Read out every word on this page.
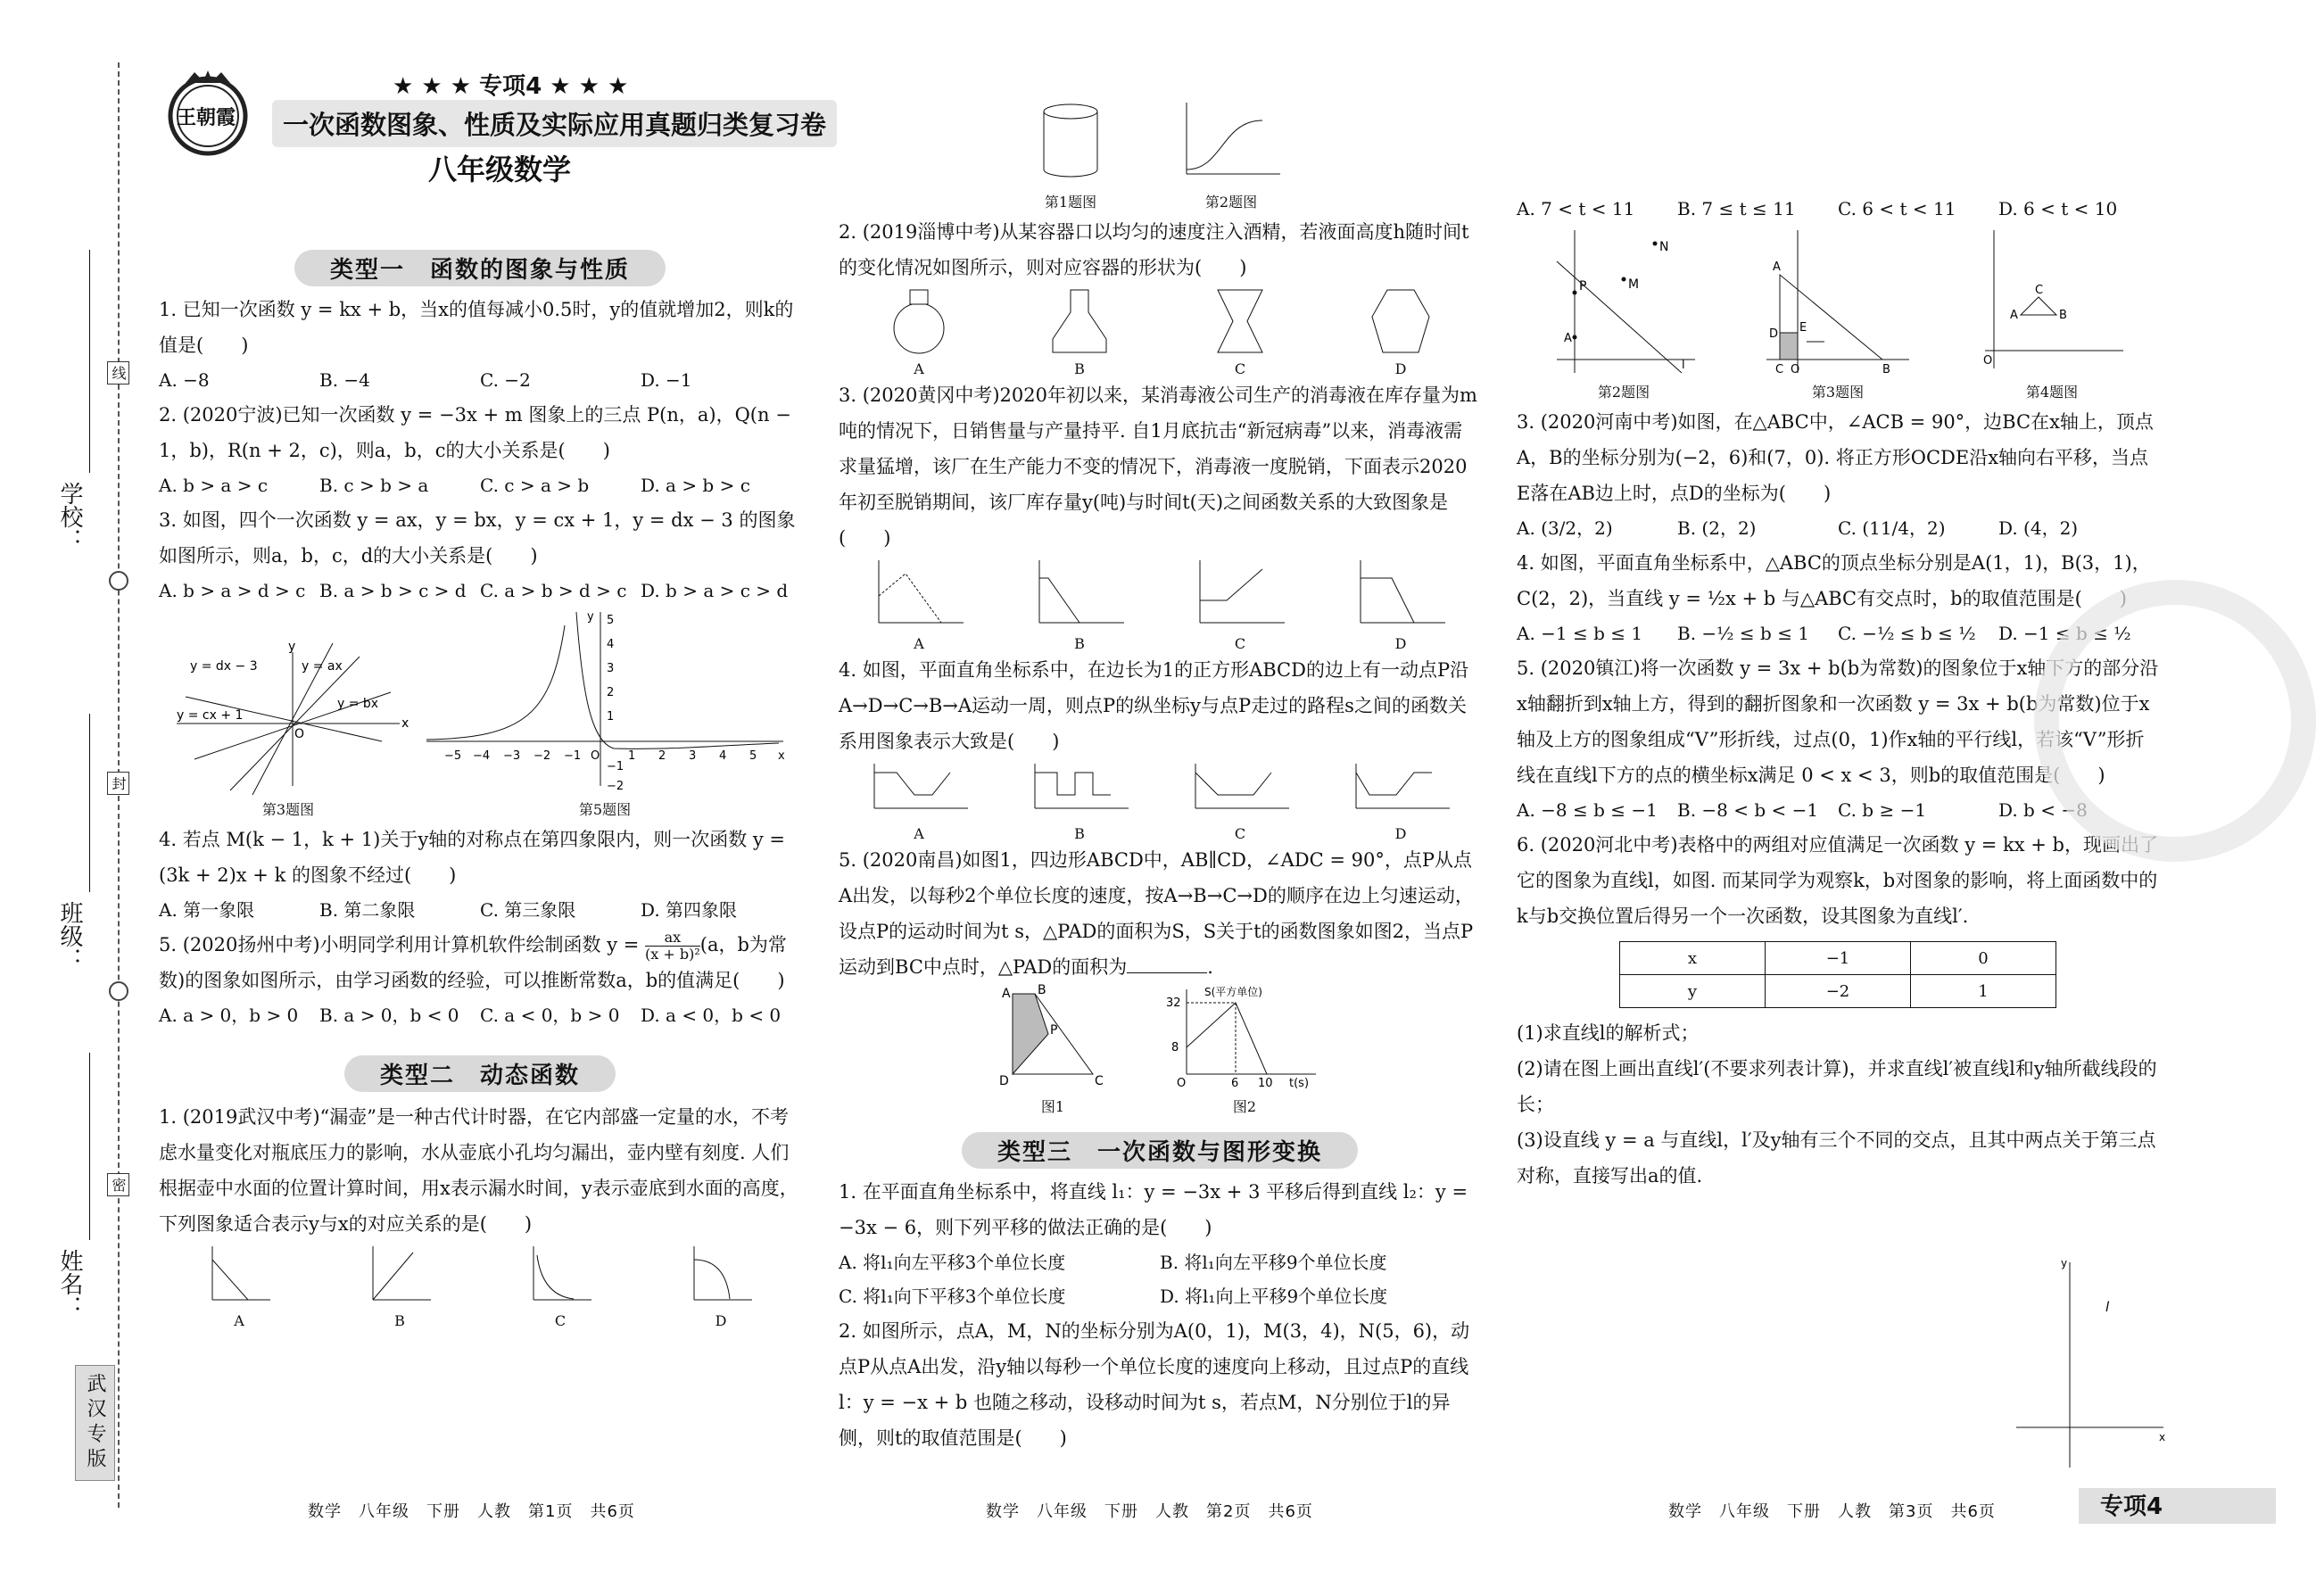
学校：
班级：
姓名：
线
封
密
武汉专版
王朝霞
★ ★ ★ 专项4 ★ ★ ★
一次函数图象、性质及实际应用真题归类复习卷
八年级数学
类型一　函数的图象与性质

1. 已知一次函数 y = kx + b，当x的值每减小0.5时，y的值就增加2，则k的值是(　　)

A. −8	B. −4	C. −2	D. −1

2. (2020宁波)已知一次函数 y = −3x + m 图象上的三点 P(n，a)，Q(n − 1，b)，R(n + 2，c)，则a，b，c的大小关系是(　　)

A. b > a > c	B. c > b > a	C. c > a > b	D. a > b > c

3. 如图，四个一次函数 y = ax，y = bx，y = cx + 1，y = dx − 3 的图象如图所示，则a，b，c，d的大小关系是(　　)

A. b > a > d > c B. a > b > c > d C. a > b > d > c D. b > a > c > d
y = dx − 3	y = ax
y = bx
y = cx + 1
y
x
O
第3题图
−5 −4 −3 −2 −1 O 1 2 3 4 5 x
5
4
3
2
1
−1
−2
y
第5题图

4. 若点 M(k − 1，k + 1)关于y轴的对称点在第四象限内，则一次函数 y = (3k + 2)x + k 的图象不经过(　　)

A. 第一象限	B. 第二象限	C. 第三象限	D. 第四象限

5. (2020扬州中考)小明同学利用计算机软件绘制函数 $y = \frac{ax}{\text{(x + b)²}} (a$，b为常数)的图象如图所示，由学习函数的经验，可以推断常数a，b的值满足(　　)

A. a > 0，b > 0	B. a > 0，b < 0	C. a < 0，b > 0	D. a < 0，b < 0
类型二　动态函数

1. (2019武汉中考)“漏壶”是一种古代计时器，在它内部盛一定量的水，不考虑水量变化对瓶底压力的影响，水从壶底小孔均匀漏出，壶内壁有刻度. 人们根据壶中水面的位置计算时间，用x表示漏水时间，y表示壶底到水面的高度，下列图象适合表示y与x的对应关系的是(　　)

A	B	C	D
第1题图	第2题图

2. (2019淄博中考)从某容器口以均匀的速度注入酒精，若液面高度h随时间t的变化情况如图所示，则对应容器的形状为(　　)

A	B	C	D

3. (2020黄冈中考)2020年初以来，某消毒液公司生产的消毒液在库存量为m吨的情况下，日销售量与产量持平. 自1月底抗击“新冠病毒”以来，消毒液需求量猛增，该厂在生产能力不变的情况下，消毒液一度脱销，下面表示2020年初至脱销期间，该厂库存量y(吨)与时间t(天)之间函数关系的大致图象是(　　)

A	B	C	D

4. 如图，平面直角坐标系中，在边长为1的正方形ABCD的边上有一动点P沿A→D→C→B→A运动一周，则点P的纵坐标y与点P走过的路程s之间的函数关系用图象表示大致是(　　)

A	B	C	D

5. (2020南昌)如图1，四边形ABCD中，AB∥CD，∠ADC = 90°，点P从点A出发，以每秒2个单位长度的速度，按A→B→C→D的顺序在边上匀速运动，设点P的运动时间为t s，△PAD的面积为S，S关于t的函数图象如图2，当点P运动到BC中点时，△PAD的面积为	.

A B
P
C
D
图1
S(平方单位)
32
8
O	6 10 t(s)
图2
类型三　一次函数与图形变换

1. 在平面直角坐标系中，将直线 l₁：y = −3x + 3 平移后得到直线 l₂：y = −3x − 6，则下列平移的做法正确的是(　　)

A. 将l₁向左平移3个单位长度	B. 将l₁向左平移9个单位长度
C. 将l₁向下平移3个单位长度	D. 将l₁向上平移9个单位长度

2. 如图所示，点A，M，N的坐标分别为A(0，1)，M(3，4)，N(5，6)，动点P从点A出发，沿y轴以每秒一个单位长度的速度向上移动，且过点P的直线 l：y = −x + b 也随之移动，设移动时间为t s，若点M，N分别位于l的异侧，则t的取值范围是(　　)

A. 7 < t < 11	B. 7 ≤ t ≤ 11	C. 6 < t < 11	D. 6 < t < 10
P	M
N
A
l
第2题图
A
B
D E
C O
第3题图
A	B
C
O
第4题图

3. (2020河南中考)如图，在△ABC中，∠ACB = 90°，边BC在x轴上，顶点A，B的坐标分别为(−2，6)和(7，0). 将正方形OCDE沿x轴向右平移，当点E落在AB边上时，点D的坐标为(　　)

A. (3/2，2)	B. (2，2)	C. (11/4，2)	D. (4，2)

4. 如图，平面直角坐标系中，△ABC的顶点坐标分别是A(1，1)，B(3，1)，C(2，2)，当直线 y = ½x + b 与△ABC有交点时，b的取值范围是(　　)

A. −1 ≤ b ≤ 1	B. −½ ≤ b ≤ 1	C. −½ ≤ b ≤ ½	D. −1 ≤ b ≤ ½

5. (2020镇江)将一次函数 y = 3x + b(b为常数)的图象位于x轴下方的部分沿x轴翻折到x轴上方，得到的翻折图象和一次函数 y = 3x + b(b为常数)位于x轴及上方的图象组成“V”形折线，过点(0，1)作x轴的平行线l，若该“V”形折线在直线l下方的点的横坐标x满足 0 < x < 3，则b的取值范围是(　　)

A. −8 ≤ b ≤ −1	B. −8 < b < −1	C. b ≥ −1	D. b < −8

6. (2020河北中考)表格中的两组对应值满足一次函数 y = kx + b，现画出了它的图象为直线l，如图. 而某同学为观察k，b对图象的影响，将上面函数中的k与b交换位置后得另一个一次函数，设其图象为直线l′.

x	−1	0
y	−2	1

(1)求直线l的解析式；

(2)请在图上画出直线l′(不要求列表计算)，并求直线l′被直线l和y轴所截线段的长；

(3)设直线 y = a 与直线l，l′及y轴有三个不同的交点，且其中两点关于第三点对称，直接写出a的值.

l
y
x
数学　八年级　下册　人教　第1页　共6页	数学　八年级　下册　人教　第2页　共6页	数学　八年级　下册　人教　第3页　共6页	专项4
